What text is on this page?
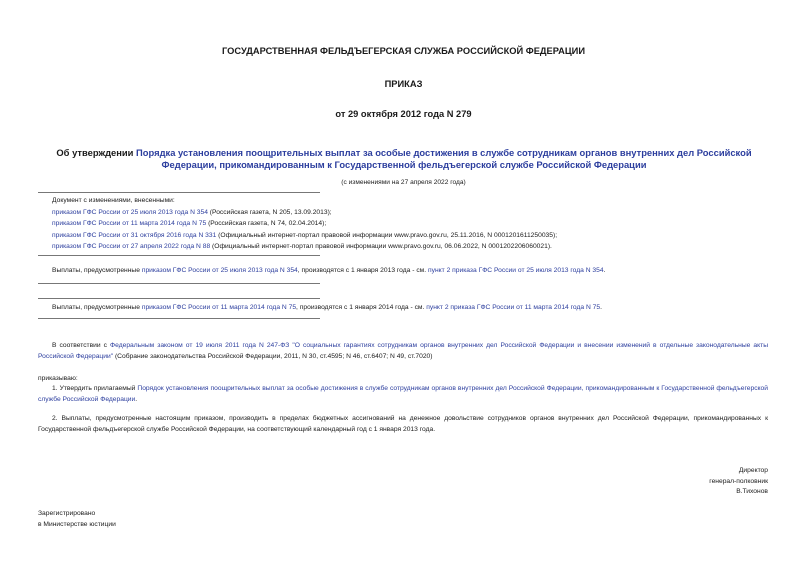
ГОСУДАРСТВЕННАЯ ФЕЛЬДЪЕГЕРСКАЯ СЛУЖБА РОССИЙСКОЙ ФЕДЕРАЦИИ
ПРИКАЗ
от 29 октября 2012 года N 279
Об утверждении Порядка установления поощрительных выплат за особые достижения в службе сотрудникам органов внутренних дел Российской Федерации, прикомандированным к Государственной фельдъегерской службе Российской Федерации
(с изменениями на 27 апреля 2022 года)
Документ с изменениями, внесенными:
приказом ГФС России от 25 июля 2013 года N 354 (Российская газета, N 205, 13.09.2013);
приказом ГФС России от 11 марта 2014 года N 75 (Российская газета, N 74, 02.04.2014);
приказом ГФС России от 31 октября 2016 года N 331 (Официальный интернет-портал правовой информации www.pravo.gov.ru, 25.11.2016, N 0001201611250035);
приказом ГФС России от 27 апреля 2022 года N 88 (Официальный интернет-портал правовой информации www.pravo.gov.ru, 06.06.2022, N 0001202206060021).
Выплаты, предусмотренные приказом ГФС России от 25 июля 2013 года N 354, производятся с 1 января 2013 года - см. пункт 2 приказа ГФС России от 25 июля 2013 года N 354.
Выплаты, предусмотренные приказом ГФС России от 11 марта 2014 года N 75, производятся с 1 января 2014 года - см. пункт 2 приказа ГФС России от 11 марта 2014 года N 75.
В соответствии с Федеральным законом от 19 июля 2011 года N 247-ФЗ "О социальных гарантиях сотрудникам органов внутренних дел Российской Федерации и внесении изменений в отдельные законодательные акты Российской Федерации" (Собрание законодательства Российской Федерации, 2011, N 30, ст.4595; N 46, ст.6407; N 49, ст.7020)
приказываю:
1. Утвердить прилагаемый Порядок установления поощрительных выплат за особые достижения в службе сотрудникам органов внутренних дел Российской Федерации, прикомандированным к Государственной фельдъегерской службе Российской Федерации.
2. Выплаты, предусмотренные настоящим приказом, производить в пределах бюджетных ассигнований на денежное довольствие сотрудников органов внутренних дел Российской Федерации, прикомандированных к Государственной фельдъегерской службе Российской Федерации, на соответствующий календарный год с 1 января 2013 года.
Директор
генерал-полковник
В.Тихонов
Зарегистрировано
в Министерстве юстиции
